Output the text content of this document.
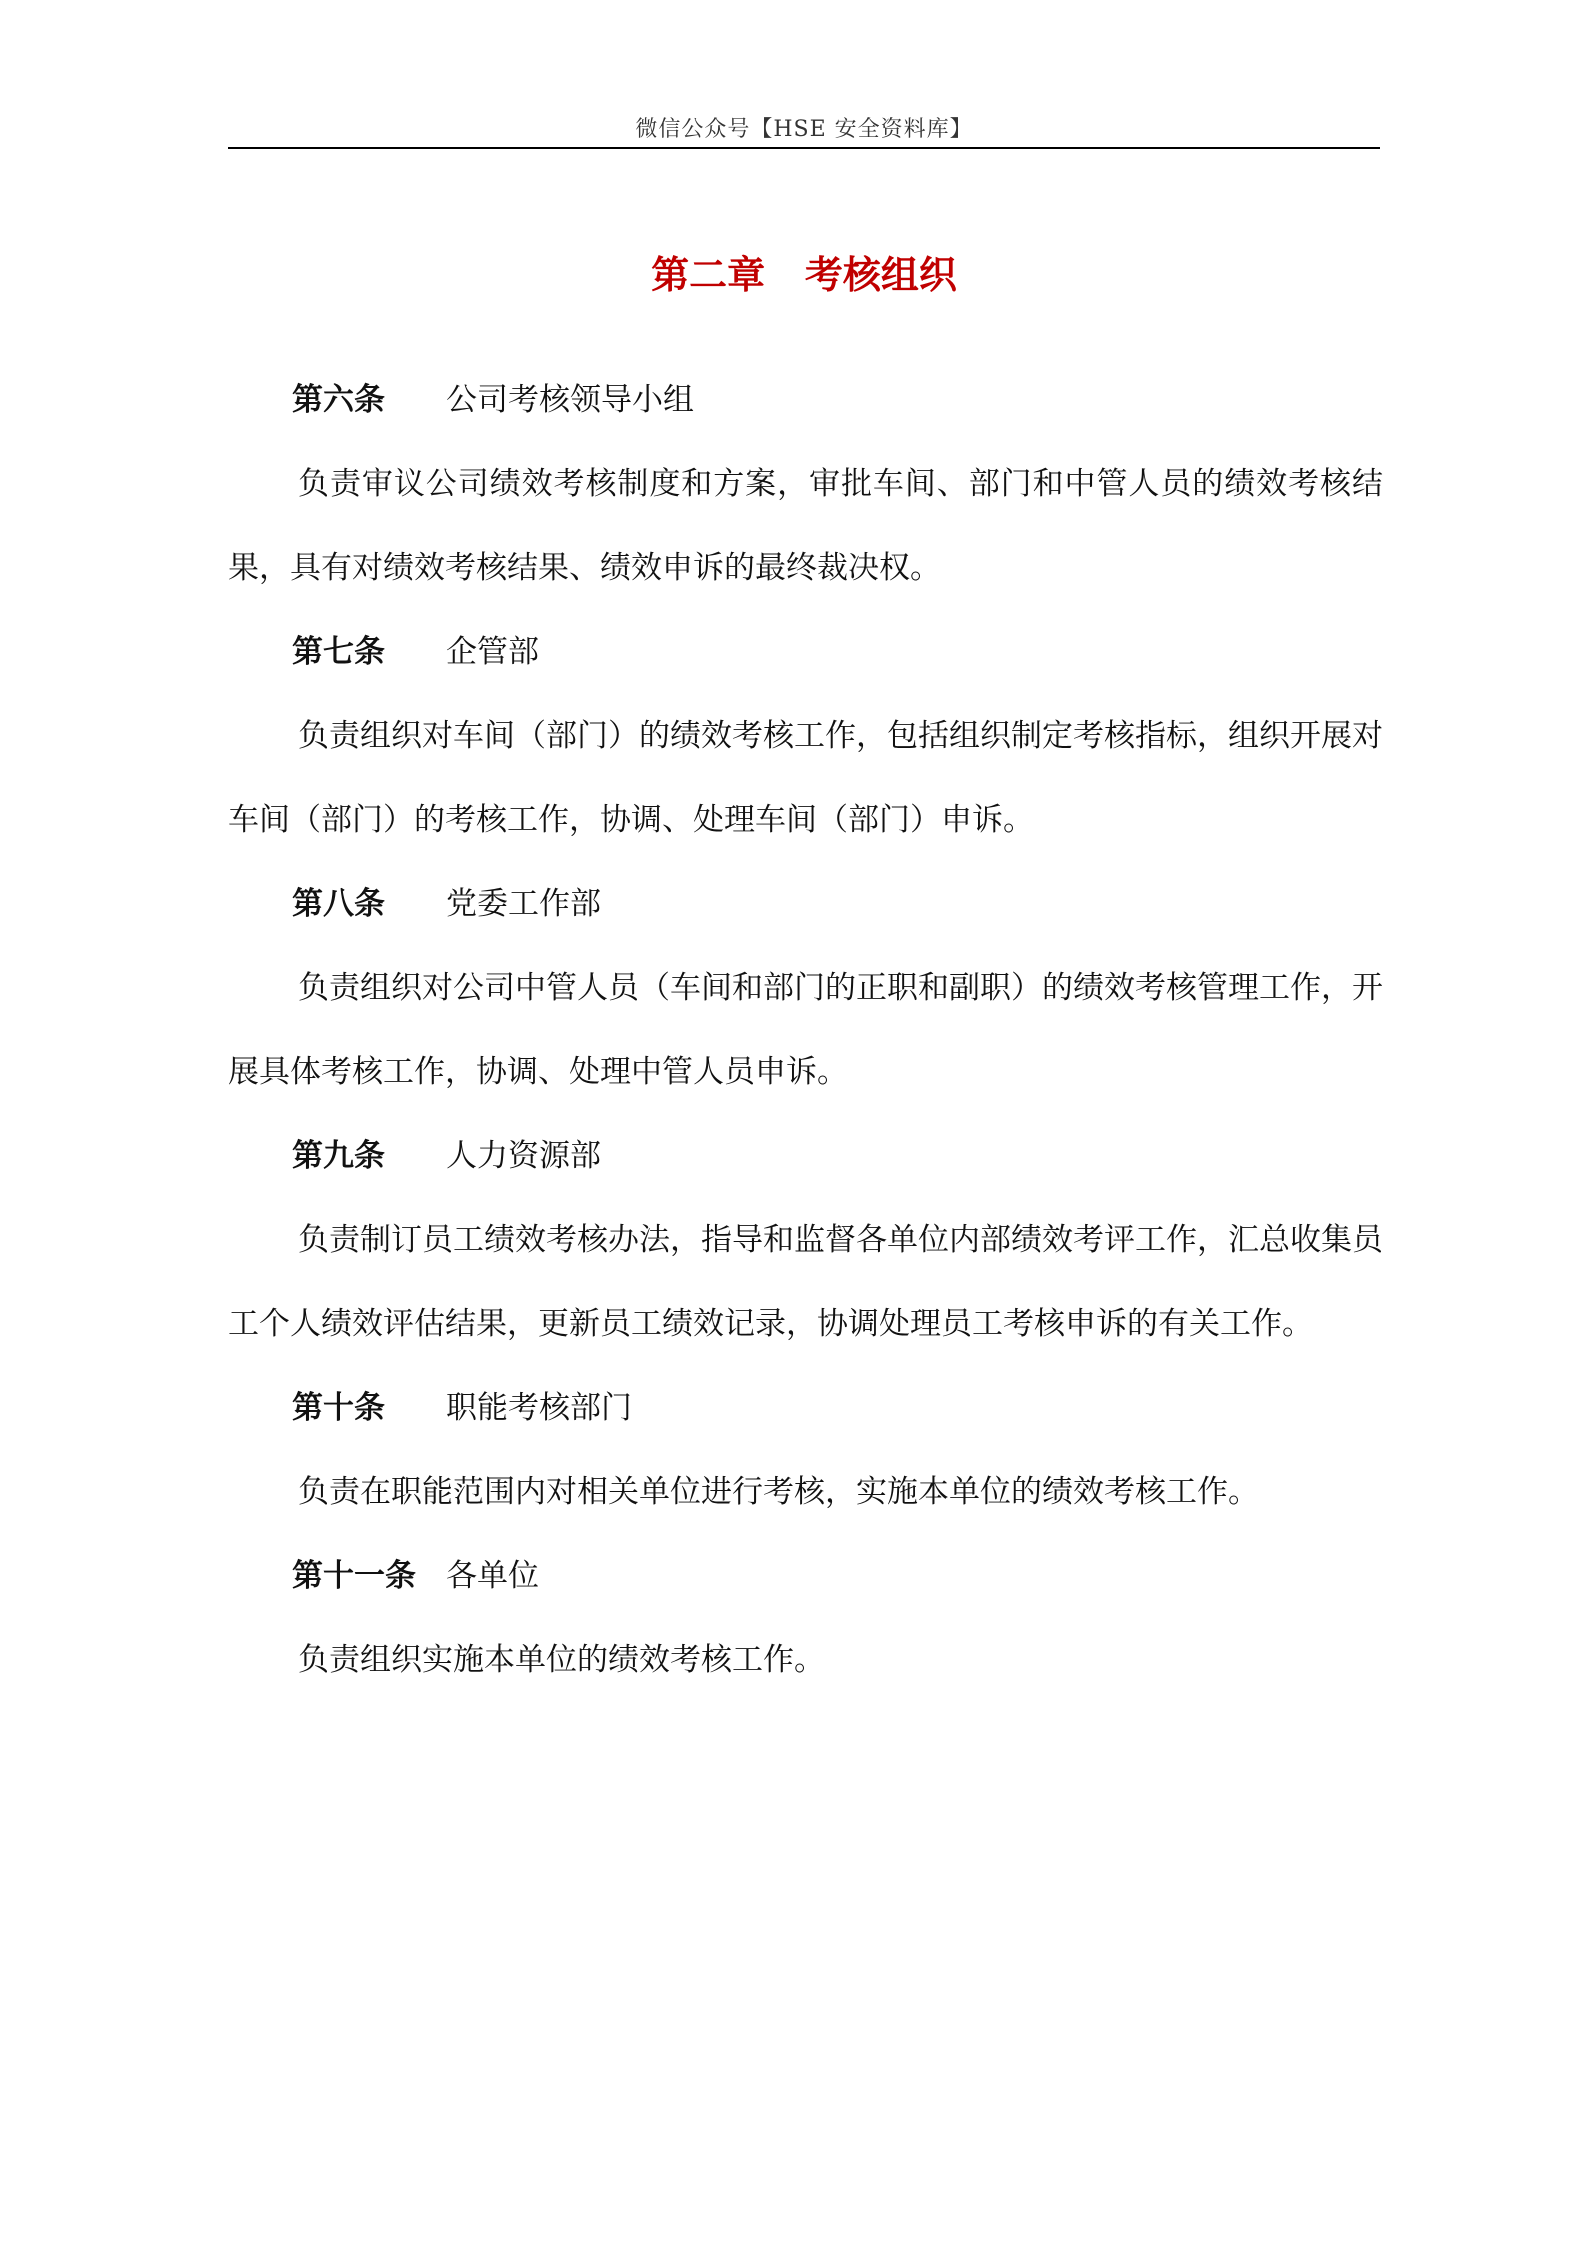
微信公众号【HSE 安全资料库】
第二章   考核组织

第六条 公司考核领导小组

负责审议公司绩效考核制度和方案，审批车间、部门和中管人员的绩效考核结果，具有对绩效考核结果、绩效申诉的最终裁决权。

第七条 企管部

负责组织对车间（部门）的绩效考核工作，包括组织制定考核指标，组织开展对车间（部门）的考核工作，协调、处理车间（部门）申诉。

第八条 党委工作部

负责组织对公司中管人员（车间和部门的正职和副职）的绩效考核管理工作，开展具体考核工作，协调、处理中管人员申诉。

第九条 人力资源部

负责制订员工绩效考核办法，指导和监督各单位内部绩效考评工作，汇总收集员工个人绩效评估结果，更新员工绩效记录，协调处理员工考核申诉的有关工作。

第十条 职能考核部门

负责在职能范围内对相关单位进行考核，实施本单位的绩效考核工作。

第十一条 各单位

负责组织实施本单位的绩效考核工作。
